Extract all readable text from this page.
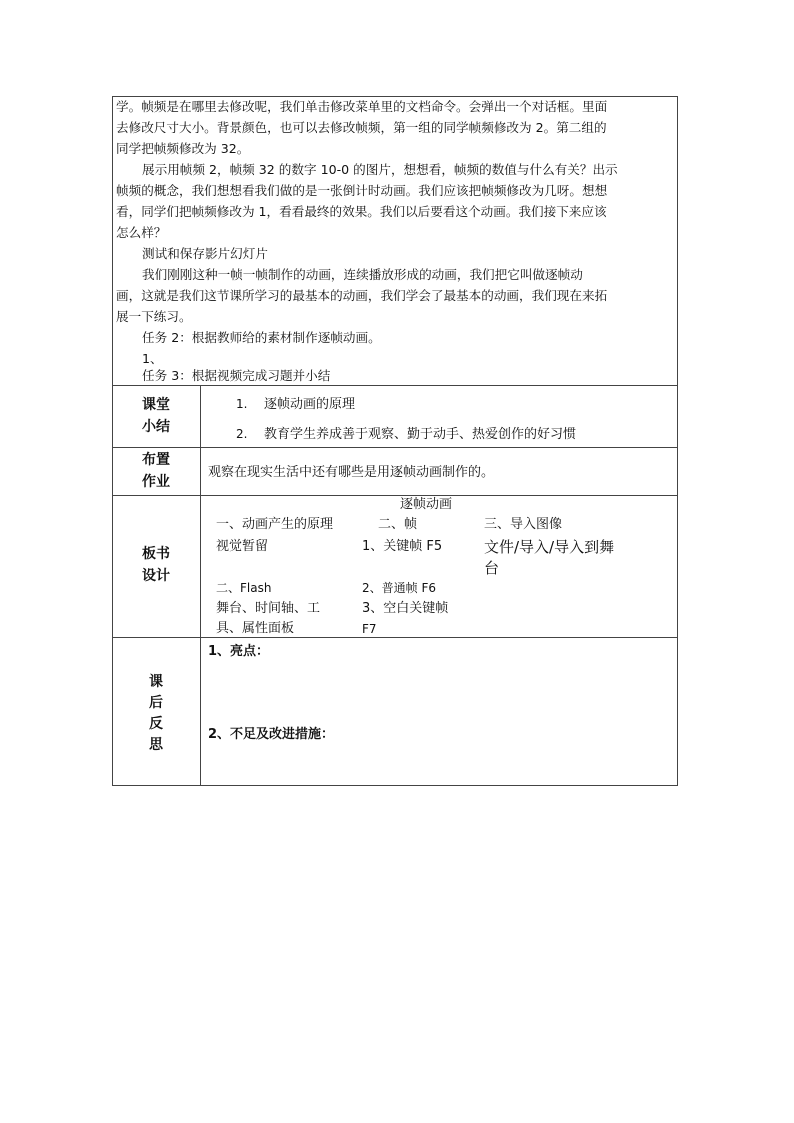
学。帧频是在哪里去修改呢，我们单击修改菜单里的文档命令。会弹出一个对话框。里面
去修改尺寸大小。背景颜色，也可以去修改帧频，第一组的同学帧频修改为 2。第二组的
同学把帧频修改为 32。
展示用帧频 2，帧频 32 的数字 10-0 的图片，想想看，帧频的数值与什么有关？出示
帧频的概念，我们想想看我们做的是一张倒计时动画。我们应该把帧频修改为几呀。想想
看，同学们把帧频修改为 1，看看最终的效果。我们以后要看这个动画。我们接下来应该
怎么样？
测试和保存影片幻灯片
我们刚刚这种一帧一帧制作的动画，连续播放形成的动画，我们把它叫做逐帧动
画，这就是我们这节课所学习的最基本的动画，我们学会了最基本的动画，我们现在来拓
展一下练习。
任务 2：根据教师给的素材制作逐帧动画。
1、
任务 3：根据视频完成习题并小结
课堂
小结
1. 逐帧动画的原理
2. 教育学生养成善于观察、勤于动手、热爱创作的好习惯
布置
作业
观察在现实生活中还有哪些是用逐帧动画制作的。
板书
设计
逐帧动画
一、动画产生的原理
视觉暂留
二、Flash
舞台、时间轴、工
具、属性面板
二、帧
1、关键帧 F5
2、普通帧 F6
3、空白关键帧
F7
三、导入图像
文件/导入/导入到舞
台
课
后
反
思
1、亮点：
2、不足及改进措施：
